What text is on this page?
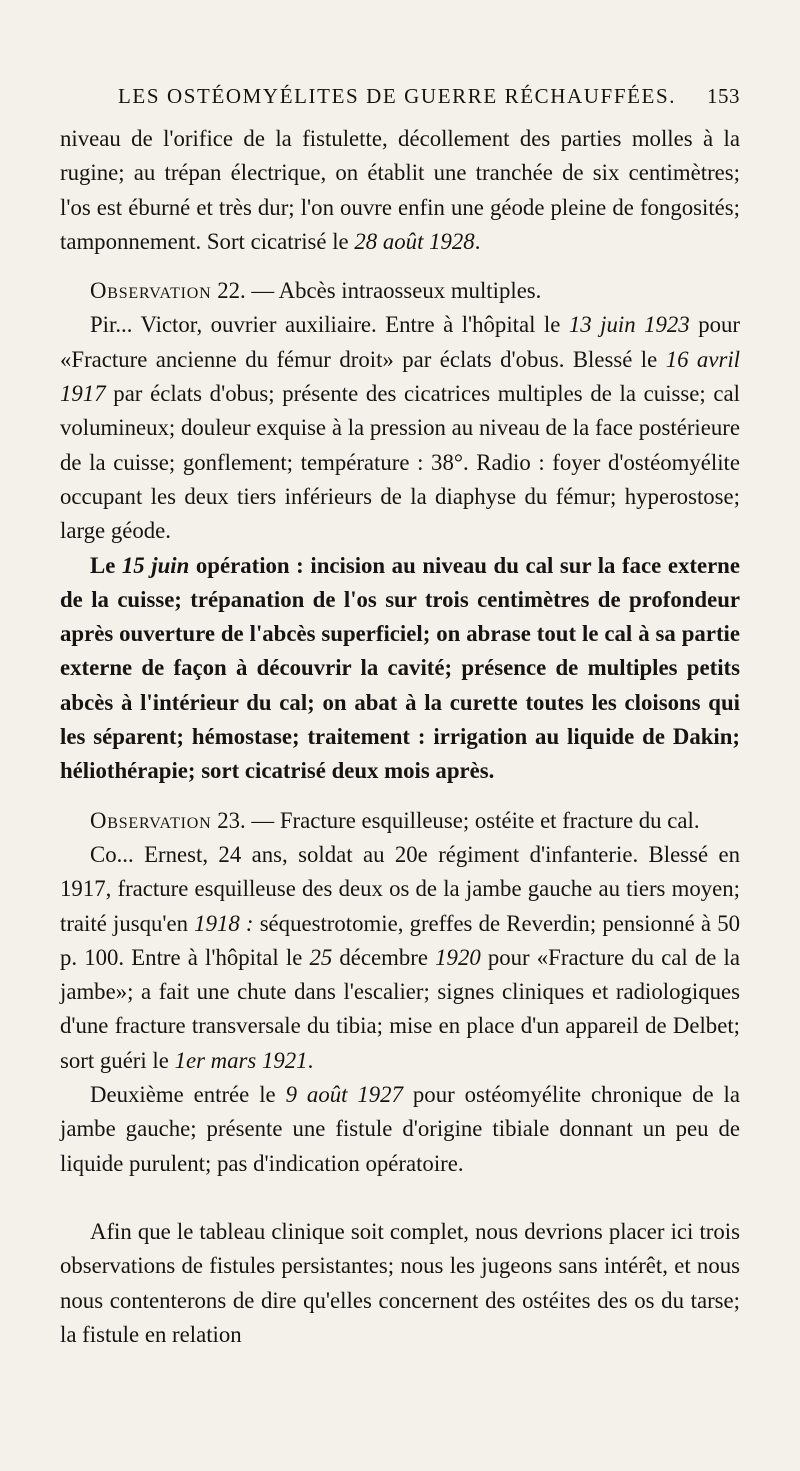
LES OSTÉOMYÉLITES DE GUERRE RÉCHAUFFÉES. 153

niveau de l'orifice de la fistulette, décollement des parties molles à la rugine; au trépan électrique, on établit une tranchée de six centimètres; l'os est éburné et très dur; l'on ouvre enfin une géode pleine de fongosités; tamponnement. Sort cicatrisé le 28 août 1928.

Observation 22. — Abcès intraosseux multiples.

Pir... Victor, ouvrier auxiliaire. Entre à l'hôpital le 13 juin 1923 pour «Fracture ancienne du fémur droit» par éclats d'obus. Blessé le 16 avril 1917 par éclats d'obus; présente des cicatrices multiples de la cuisse; cal volumineux; douleur exquise à la pression au niveau de la face postérieure de la cuisse; gonflement; température : 38°. Radio : foyer d'ostéomyélite occupant les deux tiers inférieurs de la diaphyse du fémur; hyperostose; large géode.

Le 15 juin opération : incision au niveau du cal sur la face externe de la cuisse; trépanation de l'os sur trois centimètres de profondeur après ouverture de l'abcès superficiel; on abrase tout le cal à sa partie externe de façon à découvrir la cavité; présence de multiples petits abcès à l'intérieur du cal; on abat à la curette toutes les cloisons qui les séparent; hémostase; traitement : irrigation au liquide de Dakin; héliothérapie; sort cicatrisé deux mois après.

Observation 23. — Fracture esquilleuse; ostéite et fracture du cal.

Co... Ernest, 24 ans, soldat au 20e régiment d'infanterie. Blessé en 1917, fracture esquilleuse des deux os de la jambe gauche au tiers moyen; traité jusqu'en 1918 : séquestrotomie, greffes de Reverdin; pensionné à 50 p. 100. Entre à l'hôpital le 25 décembre 1920 pour «Fracture du cal de la jambe»; a fait une chute dans l'escalier; signes cliniques et radiologiques d'une fracture transversale du tibia; mise en place d'un appareil de Delbet; sort guéri le 1er mars 1921.

Deuxième entrée le 9 août 1927 pour ostéomyélite chronique de la jambe gauche; présente une fistule d'origine tibiale donnant un peu de liquide purulent; pas d'indication opératoire.

Afin que le tableau clinique soit complet, nous devrions placer ici trois observations de fistules persistantes; nous les jugeons sans intérêt, et nous nous contenterons de dire qu'elles concernent des ostéites des os du tarse; la fistule en relation
